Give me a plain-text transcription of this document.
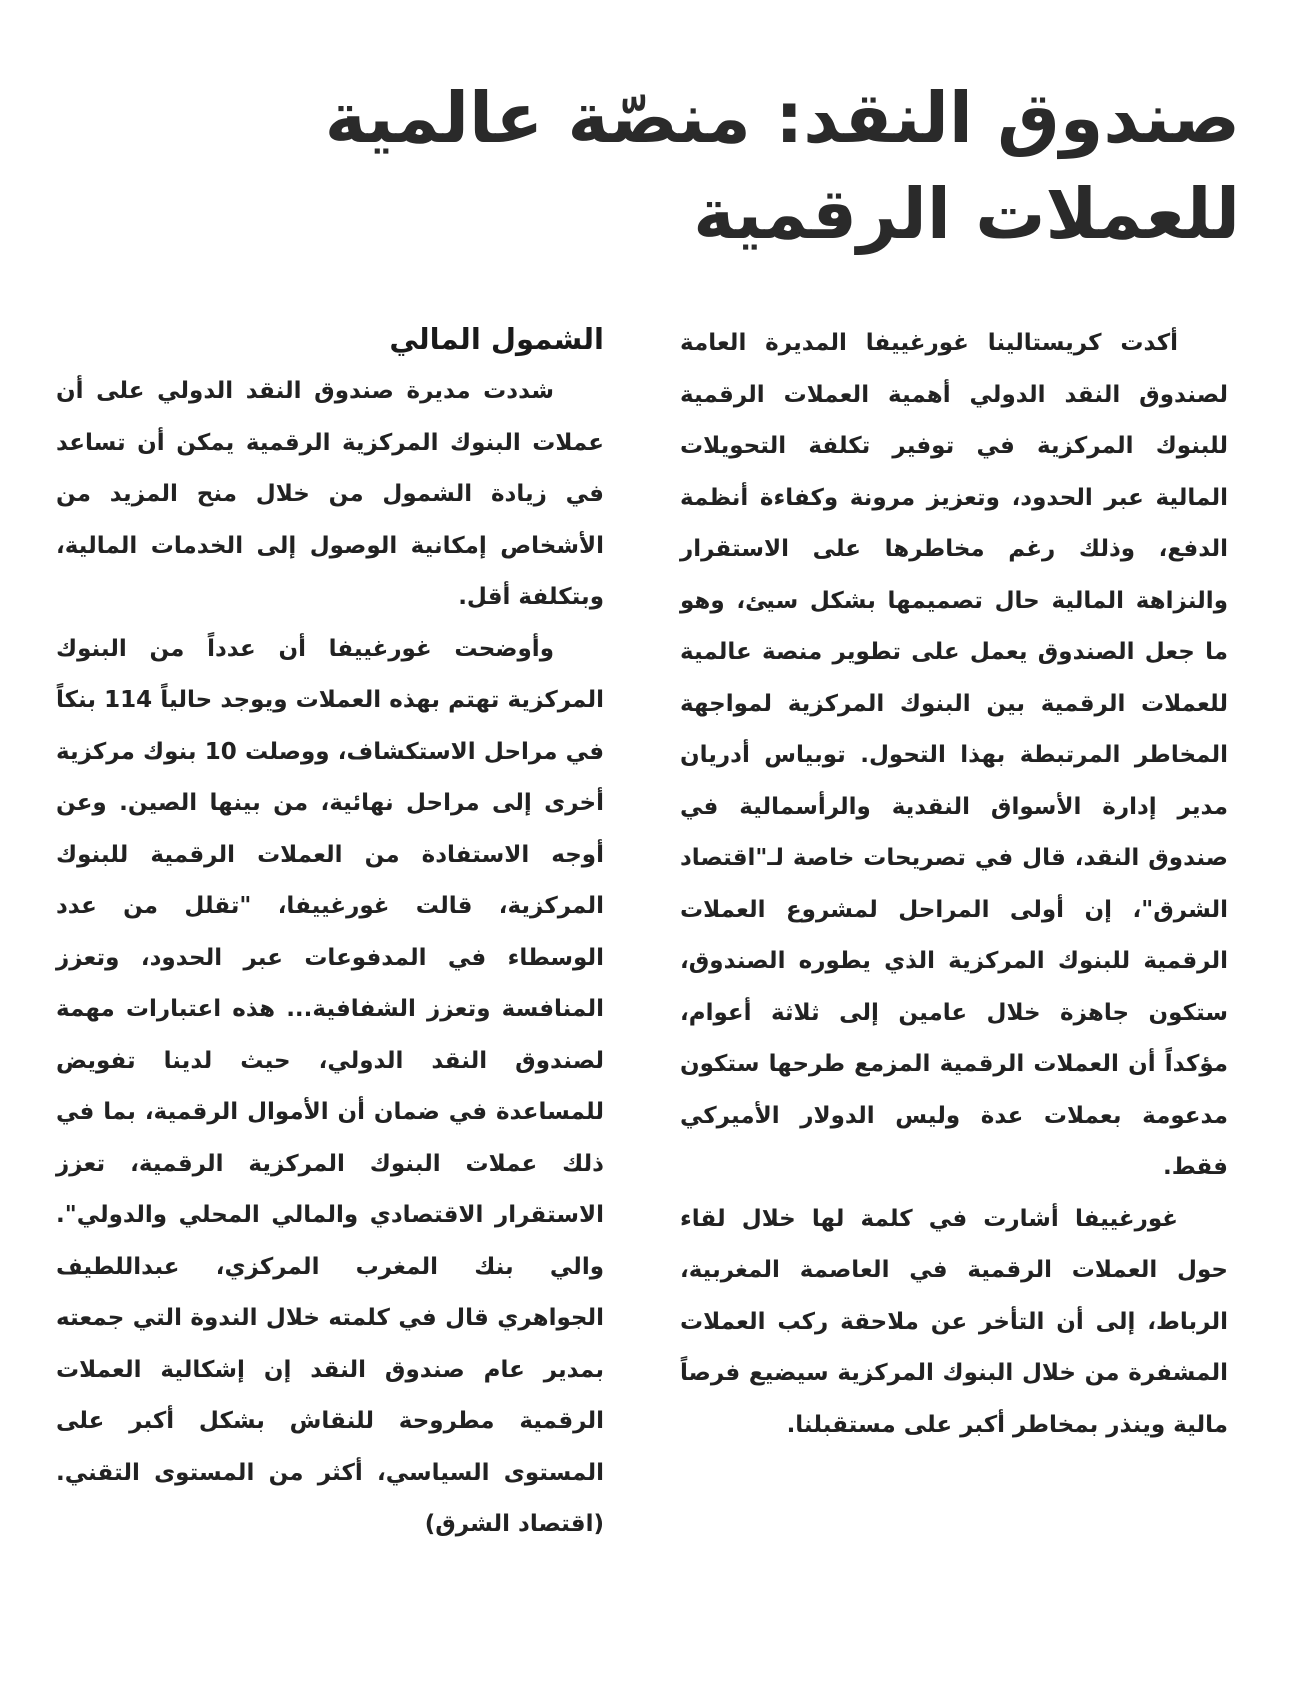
صندوق النقد: منصّة عالمية
للعملات الرقمية

أكدت كريستالينا غورغييفا المديرة العامة لصندوق النقد الدولي أهمية العملات الرقمية للبنوك المركزية في توفير تكلفة التحويلات المالية عبر الحدود، وتعزيز مرونة وكفاءة أنظمة الدفع، وذلك رغم مخاطرها على الاستقرار والنزاهة المالية حال تصميمها بشكل سيئ، وهو ما جعل الصندوق يعمل على تطوير منصة عالمية للعملات الرقمية بين البنوك المركزية لمواجهة المخاطر المرتبطة بهذا التحول. توبياس أدريان مدير إدارة الأسواق النقدية والرأسمالية في صندوق النقد، قال في تصريحات خاصة لـ"اقتصاد الشرق"، إن أولى المراحل لمشروع العملات الرقمية للبنوك المركزية الذي يطوره الصندوق، ستكون جاهزة خلال عامين إلى ثلاثة أعوام، مؤكداً أن العملات الرقمية المزمع طرحها ستكون مدعومة بعملات عدة وليس الدولار الأميركي فقط.

غورغييفا أشارت في كلمة لها خلال لقاء حول العملات الرقمية في العاصمة المغربية، الرباط، إلى أن التأخر عن ملاحقة ركب العملات المشفرة من خلال البنوك المركزية سيضيع فرصاً مالية وينذر بمخاطر أكبر على مستقبلنا.

الشمول المالي

شددت مديرة صندوق النقد الدولي على أن عملات البنوك المركزية الرقمية يمكن أن تساعد في زيادة الشمول من خلال منح المزيد من الأشخاص إمكانية الوصول إلى الخدمات المالية، وبتكلفة أقل.

وأوضحت غورغييفا أن عدداً من البنوك المركزية تهتم بهذه العملات ويوجد حالياً 114 بنكاً في مراحل الاستكشاف، ووصلت 10 بنوك مركزية أخرى إلى مراحل نهائية، من بينها الصين. وعن أوجه الاستفادة من العملات الرقمية للبنوك المركزية، قالت غورغييفا، "تقلل من عدد الوسطاء في المدفوعات عبر الحدود، وتعزز المنافسة وتعزز الشفافية... هذه اعتبارات مهمة لصندوق النقد الدولي، حيث لدينا تفويض للمساعدة في ضمان أن الأموال الرقمية، بما في ذلك عملات البنوك المركزية الرقمية، تعزز الاستقرار الاقتصادي والمالي المحلي والدولي". والي بنك المغرب المركزي، عبداللطيف الجواهري قال في كلمته خلال الندوة التي جمعته بمدير عام صندوق النقد إن إشكالية العملات الرقمية مطروحة للنقاش بشكل أكبر على المستوى السياسي، أكثر من المستوى التقني. (اقتصاد الشرق)
